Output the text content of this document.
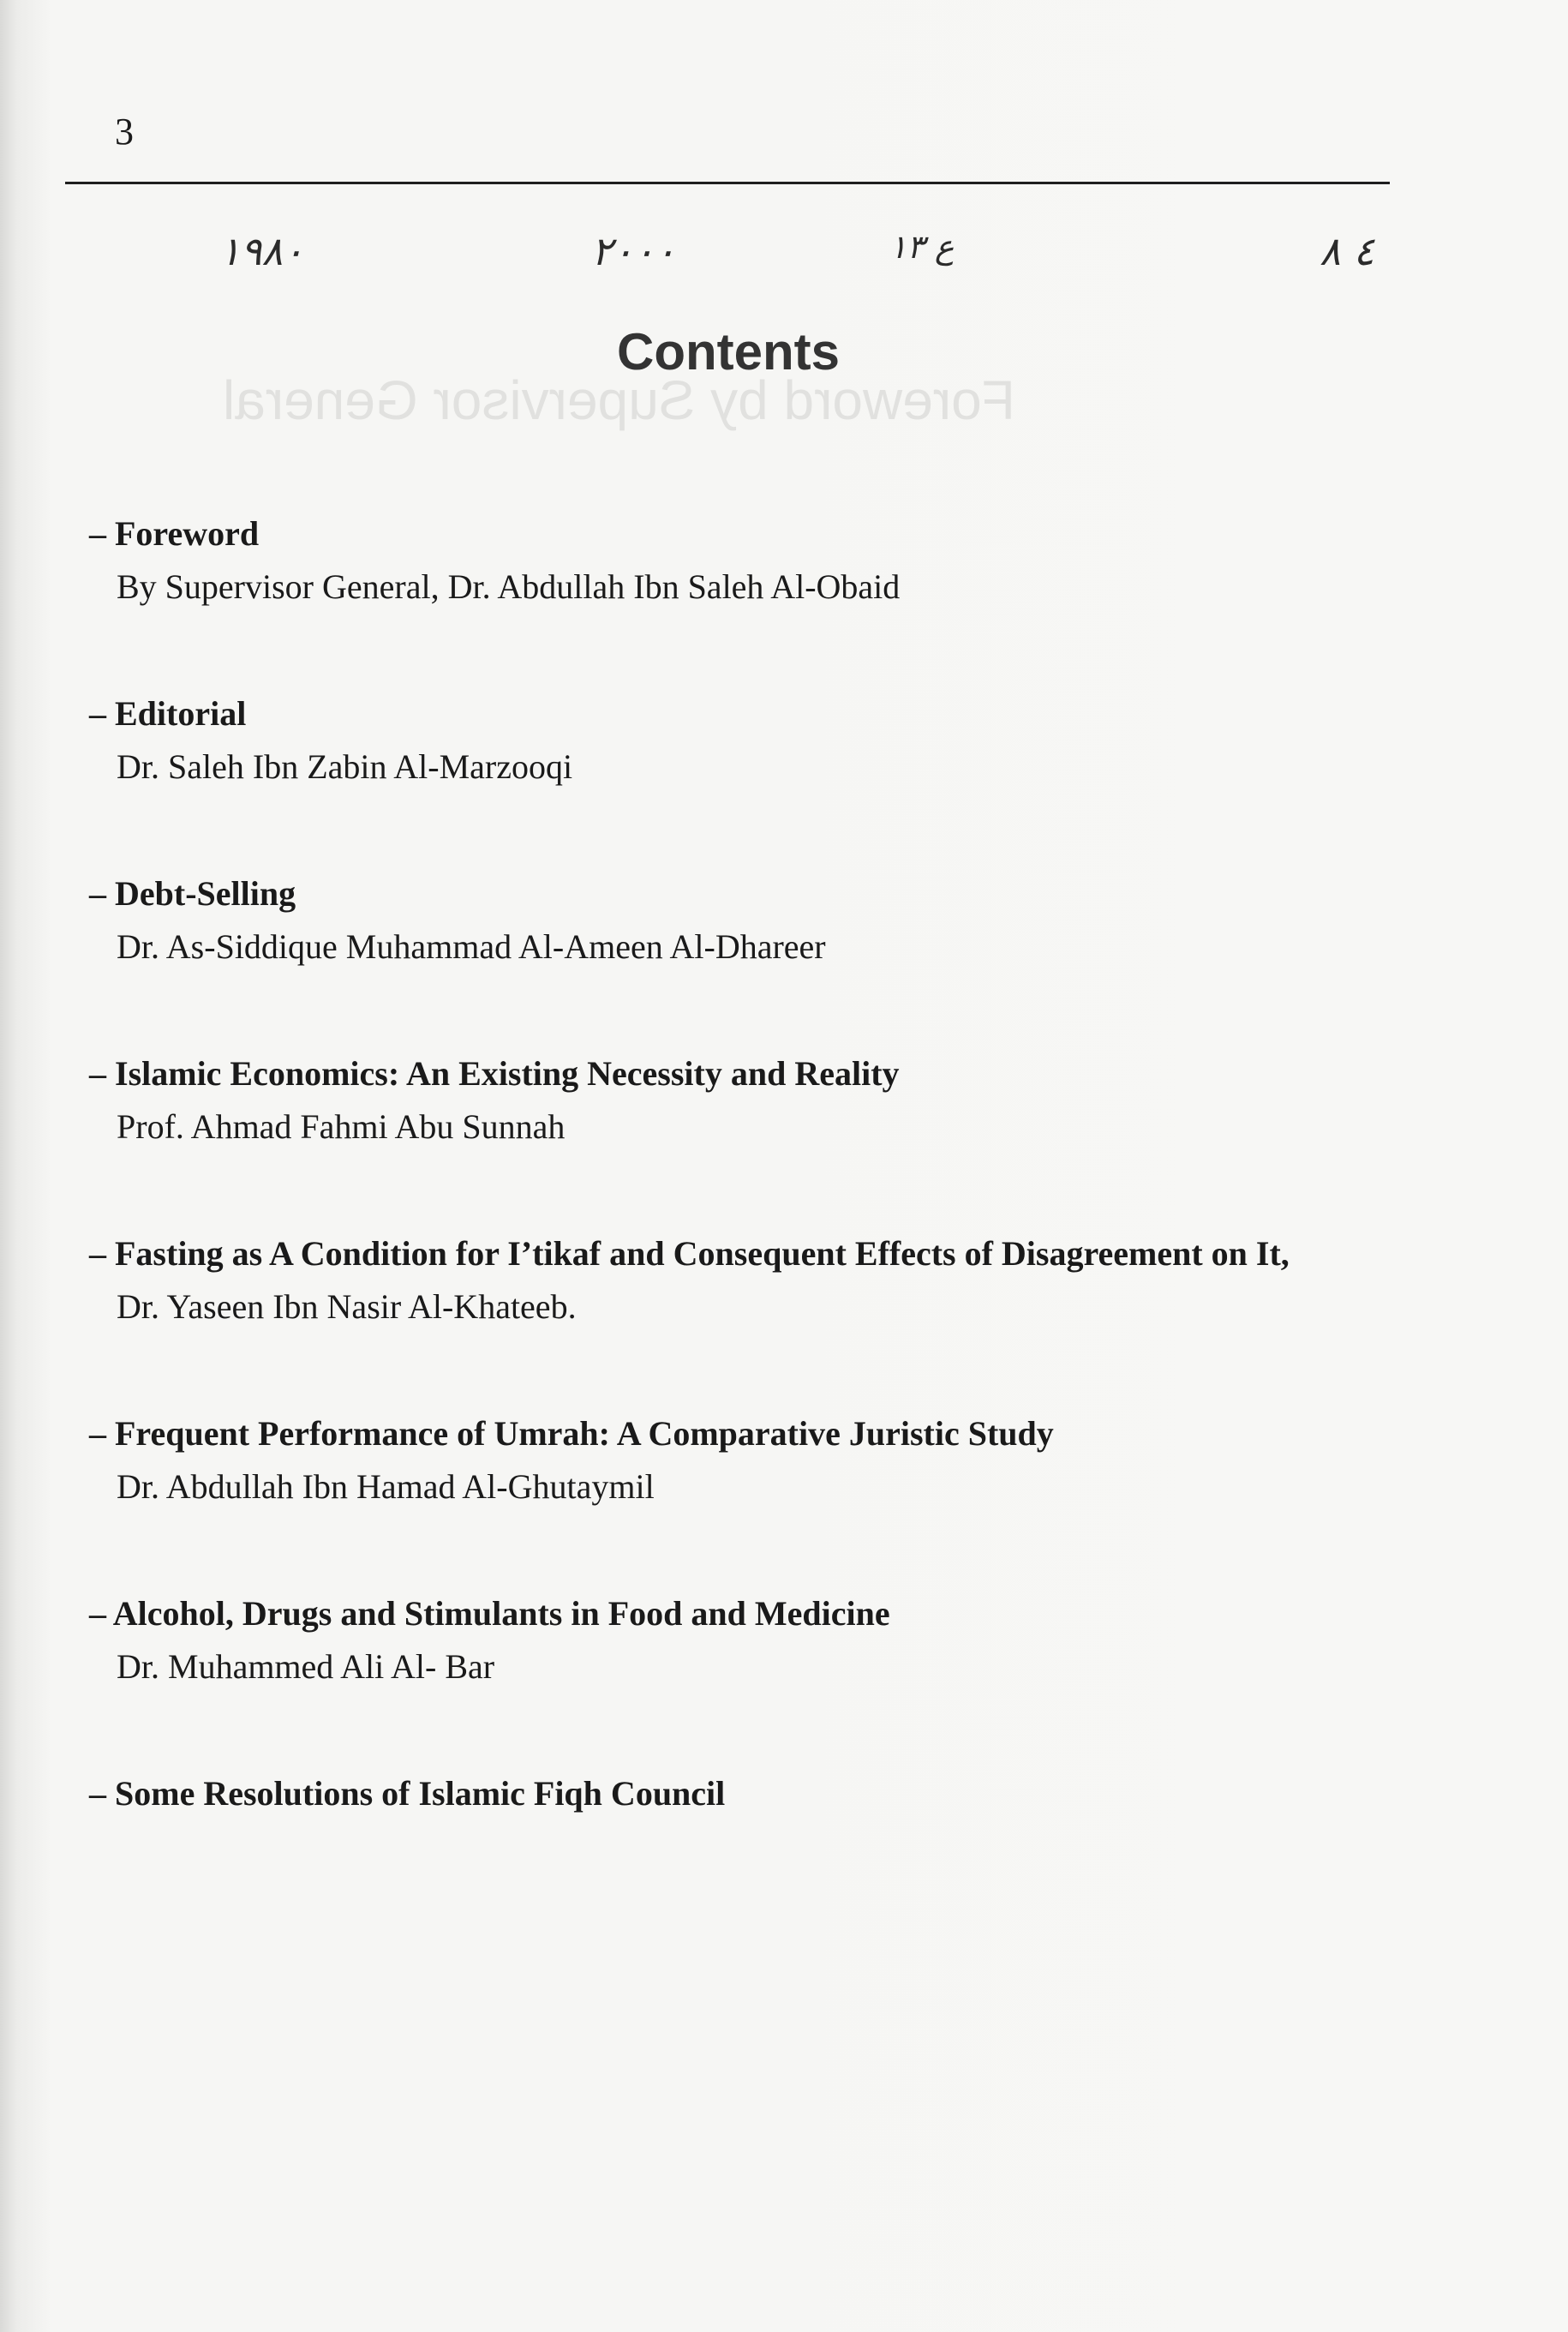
3
١٩٨٠	٢٠٠٠	ع ١٣	٤ ٨
Foreword by Supervisor General
Contents
– Foreword
By Supervisor General, Dr. Abdullah Ibn Saleh Al-Obaid
– Editorial
Dr. Saleh Ibn Zabin Al-Marzooqi
– Debt-Selling
Dr. As-Siddique Muhammad Al-Ameen Al-Dhareer
– Islamic Economics: An Existing Necessity and Reality
Prof. Ahmad Fahmi Abu Sunnah
– Fasting as A Condition for I’tikaf and Consequent Effects of Disagreement on It,
Dr. Yaseen Ibn Nasir Al-Khateeb.
– Frequent Performance of Umrah: A Comparative Juristic Study
Dr. Abdullah Ibn Hamad Al-Ghutaymil
– Alcohol, Drugs and Stimulants in Food and Medicine
Dr. Muhammed Ali Al- Bar
– Some Resolutions of Islamic Fiqh Council
